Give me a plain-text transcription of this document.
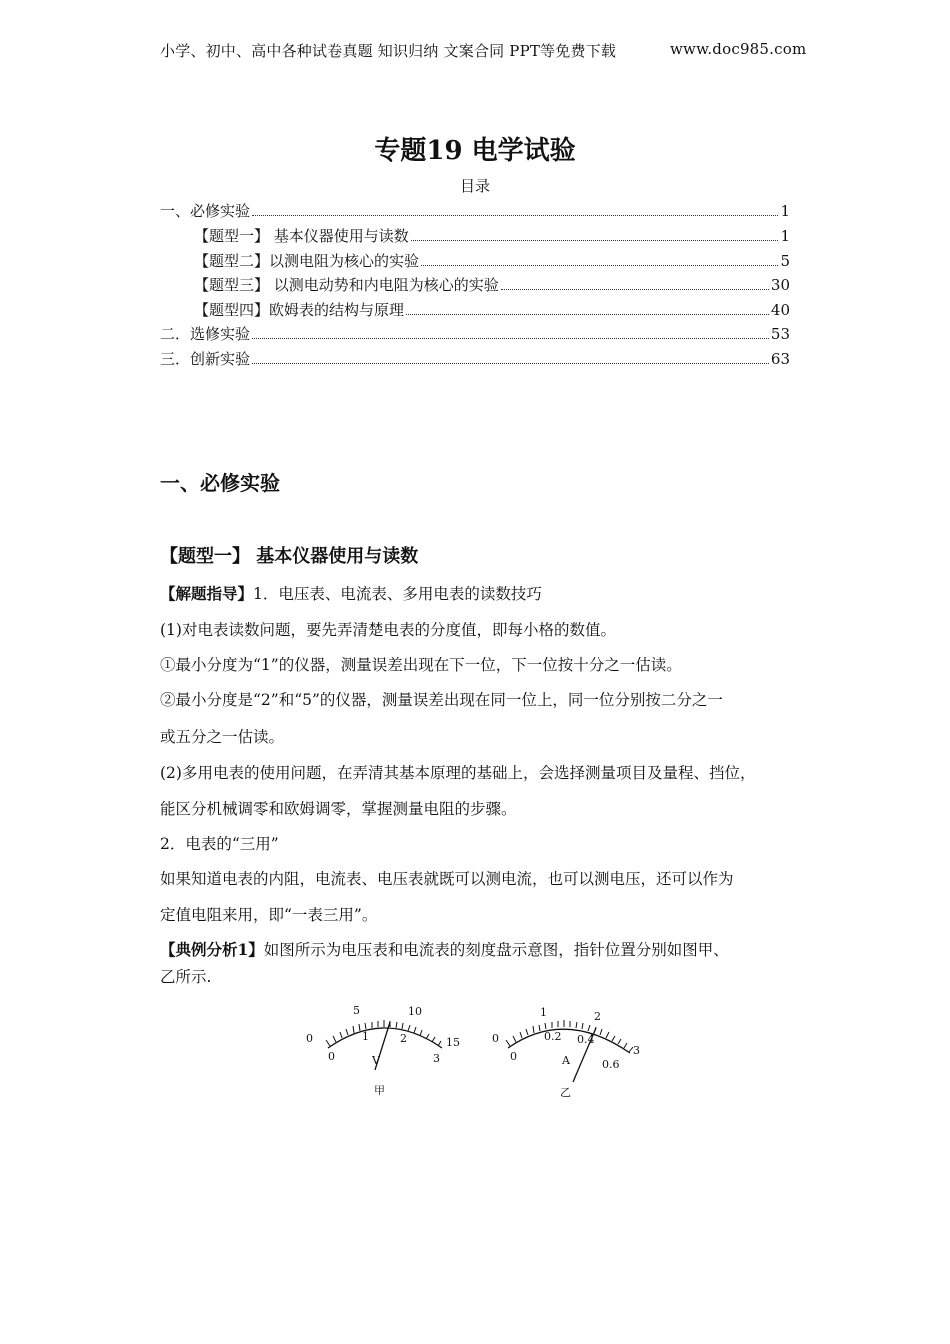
小学、初中、高中各种试卷真题 知识归纳 文案合同 PPT等免费下载	www.doc985.com
专题19 电学试验
目录
一、必修实验	1
【题型一】 基本仪器使用与读数	1
【题型二】以测电阻为核心的实验	5
【题型三】 以测电动势和内电阻为核心的实验	30
【题型四】欧姆表的结构与原理	40
二．选修实验	53
三．创新实验	63
一、必修实验
【题型一】 基本仪器使用与读数
【解题指导】1．电压表、电流表、多用电表的读数技巧
(1)对电表读数问题，要先弄清楚电表的分度值，即每小格的数值。
①最小分度为“1”的仪器，测量误差出现在下一位，下一位按十分之一估读。
②最小分度是“2”和“5”的仪器，测量误差出现在同一位上，同一位分别按二分之一
或五分之一估读。
(2)多用电表的使用问题，在弄清其基本原理的基础上，会选择测量项目及量程、挡位，
能区分机械调零和欧姆调零，掌握测量电阻的步骤。
2．电表的“三用”
如果知道电表的内阻，电流表、电压表就既可以测电流，也可以测电压，还可以作为
定值电阻来用，即“一表三用”。
【典例分析1】如图所示为电压表和电流表的刻度盘示意图，指针位置分别如图甲、
乙所示.
0
5	10
15
0
1	2
3
V
甲
0
1	2
3
0
0.2 0.4
0.6
A
乙
